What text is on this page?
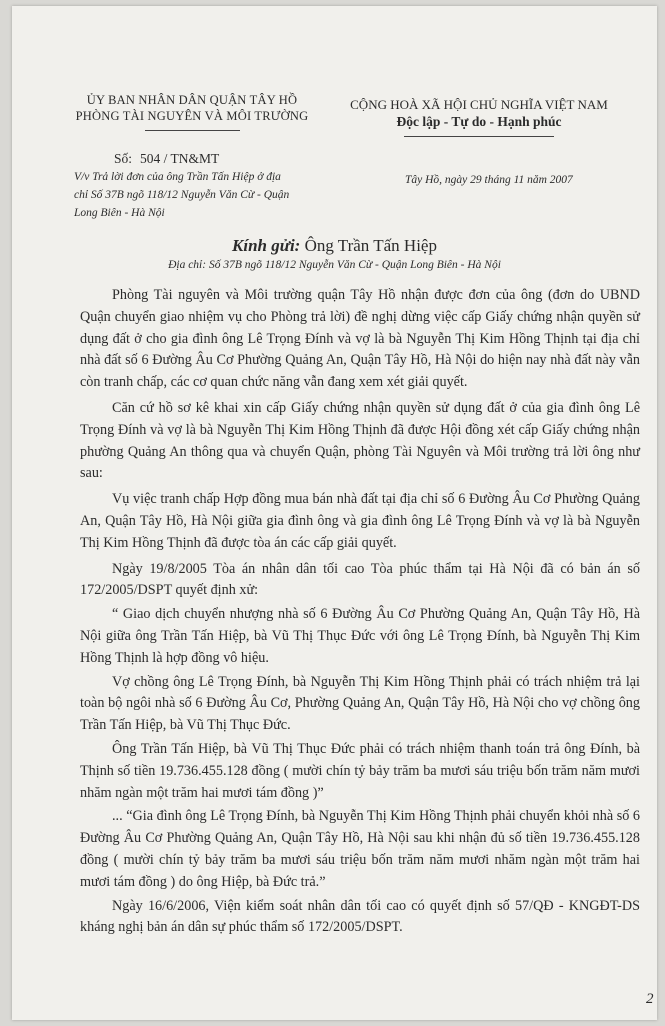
ỦY BAN NHÂN DÂN QUẬN TÂY HỒ
PHÒNG TÀI NGUYÊN VÀ MÔI TRƯỜNG
CỘNG HOÀ XÃ HỘI CHỦ NGHĨA VIỆT NAM
Độc lập - Tự do - Hạnh phúc
Số: 504 / TN&MT
Tây Hồ, ngày 29 tháng 11 năm 2007
V/v Trả lời đơn của ông Trần Tấn Hiệp ở địa
chỉ Số 37B ngõ 118/12 Nguyễn Văn Cừ - Quận
Long Biên - Hà Nội
Kính gửi: Ông Trần Tấn Hiệp
Địa chỉ: Số 37B ngõ 118/12 Nguyễn Văn Cừ - Quận Long Biên - Hà Nội

Phòng Tài nguyên và Môi trường quận Tây Hồ nhận được đơn của ông (đơn do UBND Quận chuyển giao nhiệm vụ cho Phòng trả lời) đề nghị dừng việc cấp Giấy chứng nhận quyền sử dụng đất ở cho gia đình ông Lê Trọng Đính và vợ là bà Nguyễn Thị Kim Hồng Thịnh tại địa chỉ nhà đất số 6 Đường Âu Cơ Phường Quảng An, Quận Tây Hồ, Hà Nội do hiện nay nhà đất này vẫn còn tranh chấp, các cơ quan chức năng vẫn đang xem xét giải quyết.

Căn cứ hồ sơ kê khai xin cấp Giấy chứng nhận quyền sử dụng đất ở của gia đình ông Lê Trọng Đính và vợ là bà Nguyễn Thị Kim Hồng Thịnh đã được Hội đồng xét cấp Giấy chứng nhận phường Quảng An thông qua và chuyển Quận, phòng Tài Nguyên và Môi trường trả lời ông như sau:

Vụ việc tranh chấp Hợp đồng mua bán nhà đất tại địa chỉ số 6 Đường Âu Cơ Phường Quảng An, Quận Tây Hồ, Hà Nội giữa gia đình ông và gia đình ông Lê Trọng Đính và vợ là bà Nguyễn Thị Kim Hồng Thịnh đã được tòa án các cấp giải quyết.

Ngày 19/8/2005 Tòa án nhân dân tối cao Tòa phúc thẩm tại Hà Nội đã có bản án số 172/2005/DSPT quyết định xử:

“ Giao dịch chuyển nhượng nhà số 6 Đường Âu Cơ Phường Quảng An, Quận Tây Hồ, Hà Nội giữa ông Trần Tấn Hiệp, bà Vũ Thị Thục Đức với ông Lê Trọng Đính, bà Nguyễn Thị Kim Hồng Thịnh là hợp đồng vô hiệu.

Vợ chồng ông Lê Trọng Đính, bà Nguyễn Thị Kim Hồng Thịnh phải có trách nhiệm trả lại toàn bộ ngôi nhà số 6 Đường Âu Cơ, Phường Quảng An, Quận Tây Hồ, Hà Nội cho vợ chồng ông Trần Tấn Hiệp, bà Vũ Thị Thục Đức.

Ông Trần Tấn Hiệp, bà Vũ Thị Thục Đức phải có trách nhiệm thanh toán trả ông Đính, bà Thịnh số tiền 19.736.455.128 đồng ( mười chín tỷ bảy trăm ba mươi sáu triệu bốn trăm năm mươi nhăm ngàn một trăm hai mươi tám đồng )”

... “Gia đình ông Lê Trọng Đính, bà Nguyễn Thị Kim Hồng Thịnh phải chuyển khỏi nhà số 6 Đường Âu Cơ Phường Quảng An, Quận Tây Hồ, Hà Nội sau khi nhận đủ số tiền 19.736.455.128 đồng ( mười chín tỷ bảy trăm ba mươi sáu triệu bốn trăm năm mươi nhăm ngàn một trăm hai mươi tám đồng ) do ông Hiệp, bà Đức trả.”

Ngày 16/6/2006, Viện kiểm soát nhân dân tối cao có quyết định số 57/QĐ - KNGĐT-DS kháng nghị bản án dân sự phúc thẩm số 172/2005/DSPT.

2
